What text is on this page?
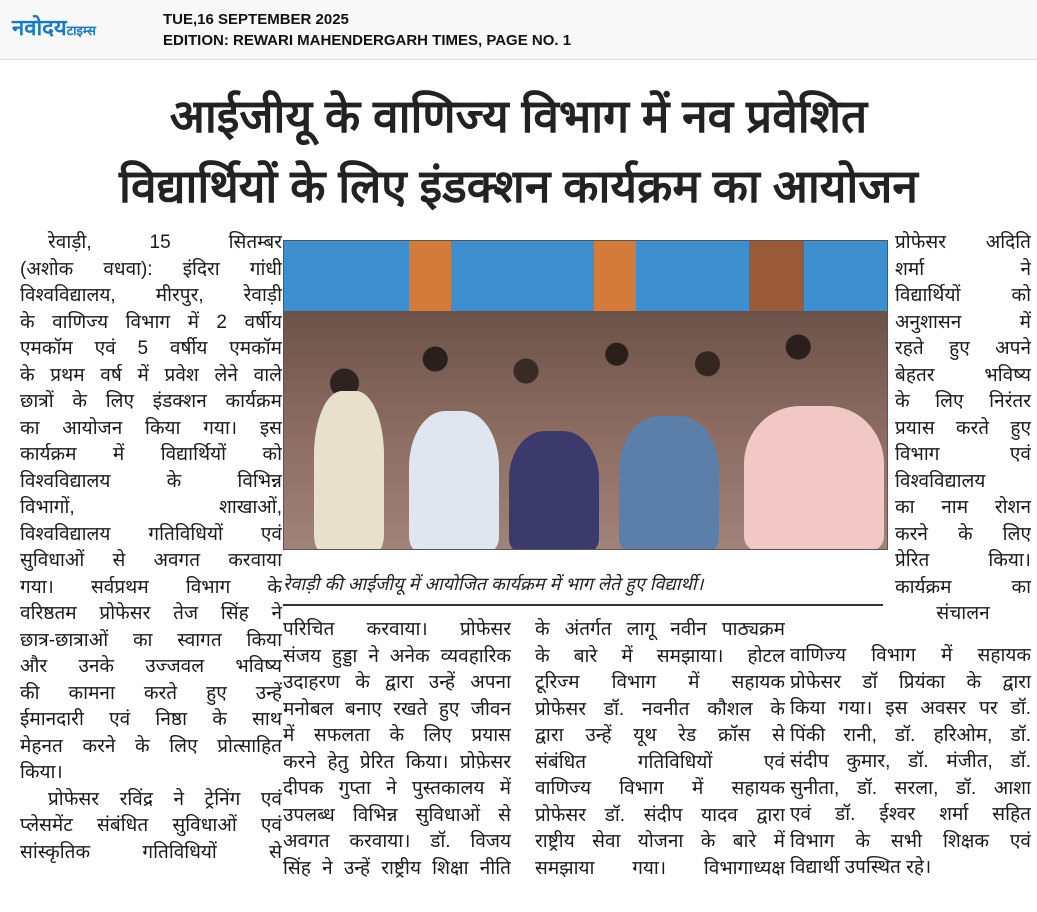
नवोदयटाइम्स
TUE,16 SEPTEMBER 2025
EDITION: REWARI MAHENDERGARH TIMES, PAGE NO. 1
आईजीयू के वाणिज्य विभाग में नव प्रवेशित
विद्यार्थियों के लिए इंडक्शन कार्यक्रम का आयोजन
रेवाड़ी, 15 सितम्बर
(अशोक वधवा): इंदिरा गांधी
विश्वविद्यालय, मीरपुर, रेवाड़ी
के वाणिज्य विभाग में 2 वर्षीय
एमकॉम एवं 5 वर्षीय एमकॉम
के प्रथम वर्ष में प्रवेश लेने वाले
छात्रों के लिए इंडक्शन कार्यक्रम
का आयोजन किया गया। इस
कार्यक्रम में विद्यार्थियों को
विश्वविद्यालय के विभिन्न
विभागों, शाखाओं,
विश्वविद्यालय गतिविधियों एवं
सुविधाओं से अवगत करवाया
गया। सर्वप्रथम विभाग के
वरिष्ठतम प्रोफेसर तेज सिंह ने
छात्र-छात्राओं का स्वागत किया
और उनके उज्जवल भविष्य
की कामना करते हुए उन्हें
ईमानदारी एवं निष्ठा के साथ
मेहनत करने के लिए प्रोत्साहित
किया।
प्रोफेसर रविंद्र ने ट्रेनिंग एवं
प्लेसमेंट संबंधित सुविधाओं एवं
सांस्कृतिक गतिविधियों से
परिचित करवाया। प्रोफेसर
संजय हुड्डा ने अनेक व्यवहारिक
उदाहरण के द्वारा उन्हें अपना
मनोबल बनाए रखते हुए जीवन
में सफलता के लिए प्रयास
करने हेतु प्रेरित किया। प्रोफ़ेसर
दीपक गुप्ता ने पुस्तकालय में
उपलब्ध विभिन्न सुविधाओं से
अवगत करवाया। डॉ. विजय
सिंह ने उन्हें राष्ट्रीय शिक्षा नीति
के अंतर्गत लागू नवीन पाठ्यक्रम
के बारे में समझाया। होटल
टूरिज्म विभाग में सहायक
प्रोफेसर डॉ. नवनीत कौशल के
द्वारा उन्हें यूथ रेड क्रॉस से
संबंधित गतिविधियों एवं
वाणिज्य विभाग में सहायक
प्रोफेसर डॉ. संदीप यादव द्वारा
राष्ट्रीय सेवा योजना के बारे में
समझाया गया। विभागाध्यक्ष
प्रोफेसर अदिति
शर्मा ने
विद्यार्थियों को
अनुशासन में
रहते हुए अपने
बेहतर भविष्य
के लिए निरंतर
प्रयास करते हुए
विभाग एवं
विश्वविद्यालय
का नाम रोशन
करने के लिए
प्रेरित किया।
कार्यक्रम का
संचालन
वाणिज्य विभाग में सहायक
प्रोफेसर डॉ प्रियंका के द्वारा
किया गया। इस अवसर पर डॉ.
पिंकी रानी, डॉ. हरिओम, डॉ.
संदीप कुमार, डॉ. मंजीत, डॉ.
सुनीता, डॉ. सरला, डॉ. आशा
एवं डॉ. ईश्वर शर्मा सहित
विभाग के सभी शिक्षक एवं
विद्यार्थी उपस्थित रहे।
रेवाड़ी की आईजीयू में आयोजित कार्यक्रम में भाग लेते हुए विद्यार्थी।
